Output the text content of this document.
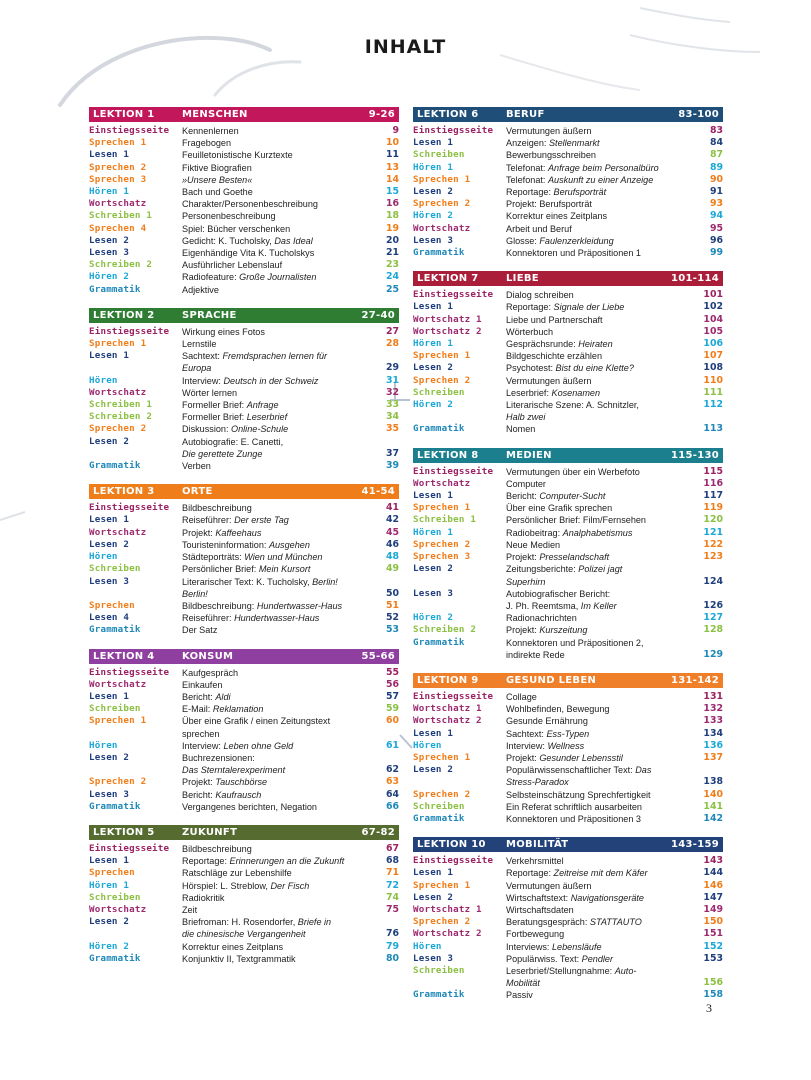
INHALT
LEKTION 1	MENSCHEN	9-26
Einstiegsseite	Kennenlernen	9
Sprechen 1	Fragebogen	10
Lesen 1	Feuilletonistische Kurztexte	11
Sprechen 2	Fiktive Biografien	13
Sprechen 3	»Unsere Besten«	14
Hören 1	Bach und Goethe	15
Wortschatz	Charakter/Personenbeschreibung	16
Schreiben 1	Personenbeschreibung	18
Sprechen 4	Spiel: Bücher verschenken	19
Lesen 2	Gedicht: K. Tucholsky, Das Ideal	20
Lesen 3	Eigenhändige Vita K. Tucholskys	21
Schreiben 2	Ausführlicher Lebenslauf	23
Hören 2	Radiofeature: Große Journalisten	24
Grammatik	Adjektive	25
LEKTION 2	SPRACHE	27-40
Einstiegsseite	Wirkung eines Fotos	27
Sprechen 1	Lernstile	28
Lesen 1	Sachtext: Fremdsprachen lernen für
Europa	29
Hören	Interview: Deutsch in der Schweiz	31
Wortschatz	Wörter lernen	32
Schreiben 1	Formeller Brief: Anfrage	33
Schreiben 2	Formeller Brief: Leserbrief	34
Sprechen 2	Diskussion: Online-Schule	35
Lesen 2	Autobiografie: E. Canetti,
Die gerettete Zunge	37
Grammatik	Verben	39
LEKTION 3	ORTE	41-54
Einstiegsseite	Bildbeschreibung	41
Lesen 1	Reiseführer: Der erste Tag	42
Wortschatz	Projekt: Kaffeehaus	45
Lesen 2	Touristeninformation: Ausgehen	46
Hören	Städteporträts: Wien und München	48
Schreiben	Persönlicher Brief: Mein Kursort	49
Lesen 3	Literarischer Text: K. Tucholsky, Berlin!
Berlin!	50
Sprechen	Bildbeschreibung: Hundertwasser-Haus	51
Lesen 4	Reiseführer: Hundertwasser-Haus	52
Grammatik	Der Satz	53
LEKTION 4	KONSUM	55-66
Einstiegsseite	Kaufgespräch	55
Wortschatz	Einkaufen	56
Lesen 1	Bericht: Aldi	57
Schreiben	E-Mail: Reklamation	59
Sprechen 1	Über eine Grafik / einen Zeitungstext
sprechen
60
Hören	Interview: Leben ohne Geld	61
Lesen 2	Buchrezensionen:
Das Sterntalerexperiment	62
Sprechen 2	Projekt: Tauschbörse	63
Lesen 3	Bericht: Kaufrausch	64
Grammatik	Vergangenes berichten, Negation	66
LEKTION 5	ZUKUNFT	67-82
Einstiegsseite	Bildbeschreibung	67
Lesen 1	Reportage: Erinnerungen an die Zukunft	68
Sprechen	Ratschläge zur Lebenshilfe	71
Hören 1	Hörspiel: L. Streblow, Der Fisch	72
Schreiben	Radiokritik	74
Wortschatz	Zeit	75
Lesen 2	Briefroman: H. Rosendorfer, Briefe in
die chinesische Vergangenheit	76
Hören 2	Korrektur eines Zeitplans	79
Grammatik	Konjunktiv II, Textgrammatik	80
LEKTION 6	BERUF	83-100
Einstiegsseite	Vermutungen äußern	83
Lesen 1	Anzeigen: Stellenmarkt	84
Schreiben	Bewerbungsschreiben	87
Hören 1	Telefonat: Anfrage beim Personalbüro	89
Sprechen 1	Telefonat: Auskunft zu einer Anzeige	90
Lesen 2	Reportage: Berufsporträt	91
Sprechen 2	Projekt: Berufsporträt	93
Hören 2	Korrektur eines Zeitplans	94
Wortschatz	Arbeit und Beruf	95
Lesen 3	Glosse: Faulenzerkleidung	96
Grammatik	Konnektoren und Präpositionen 1	99
LEKTION 7	LIEBE	101-114
Einstiegsseite	Dialog schreiben	101
Lesen 1	Reportage: Signale der Liebe	102
Wortschatz 1	Liebe und Partnerschaft	104
Wortschatz 2	Wörterbuch	105
Hören 1	Gesprächsrunde: Heiraten	106
Sprechen 1	Bildgeschichte erzählen	107
Lesen 2	Psychotest: Bist du eine Klette?	108
Sprechen 2	Vermutungen äußern	110
Schreiben	Leserbrief: Kosenamen	111
Hören 2	Literarische Szene: A. Schnitzler,
Halb zwei
112
Grammatik	Nomen	113
LEKTION 8	MEDIEN	115-130
Einstiegsseite	Vermutungen über ein Werbefoto	115
Wortschatz	Computer	116
Lesen 1	Bericht: Computer-Sucht	117
Sprechen 1	Über eine Grafik sprechen	119
Schreiben 1	Persönlicher Brief: Film/Fernsehen	120
Hören 1	Radiobeitrag: Analphabetismus	121
Sprechen 2	Neue Medien	122
Sprechen 3	Projekt: Presselandschaft	123
Lesen 2	Zeitungsberichte: Polizei jagt
Superhirn	124
Lesen 3	Autobiografischer Bericht:
J. Ph. Reemtsma, Im Keller	126
Hören 2	Radionachrichten	127
Schreiben 2	Projekt: Kurszeitung	128
Grammatik	Konnektoren und Präpositionen 2,
indirekte Rede	129
LEKTION 9	GESUND LEBEN	131-142
Einstiegsseite	Collage	131
Wortschatz 1	Wohlbefinden, Bewegung	132
Wortschatz 2	Gesunde Ernährung	133
Lesen 1	Sachtext: Ess-Typen	134
Hören	Interview: Wellness	136
Sprechen 1	Projekt: Gesunder Lebensstil	137
Lesen 2	Populärwissenschaftlicher Text: Das
Stress-Paradox	138
Sprechen 2	Selbsteinschätzung Sprechfertigkeit	140
Schreiben	Ein Referat schriftlich ausarbeiten	141
Grammatik	Konnektoren und Präpositionen 3	142
LEKTION 10	MOBILITÄT	143-159
Einstiegsseite	Verkehrsmittel	143
Lesen 1	Reportage: Zeitreise mit dem Käfer	144
Sprechen 1	Vermutungen äußern	146
Lesen 2	Wirtschaftstext: Navigationsgeräte	147
Wortschatz 1	Wirtschaftsdaten	149
Sprechen 2	Beratungsgespräch: STATTAUTO	150
Wortschatz 2	Fortbewegung	151
Hören	Interviews: Lebensläufe	152
Lesen 3	Populärwiss. Text: Pendler	153
Schreiben	Leserbrief/Stellungnahme: Auto-
Mobilität	156
Grammatik	Passiv	158
3
